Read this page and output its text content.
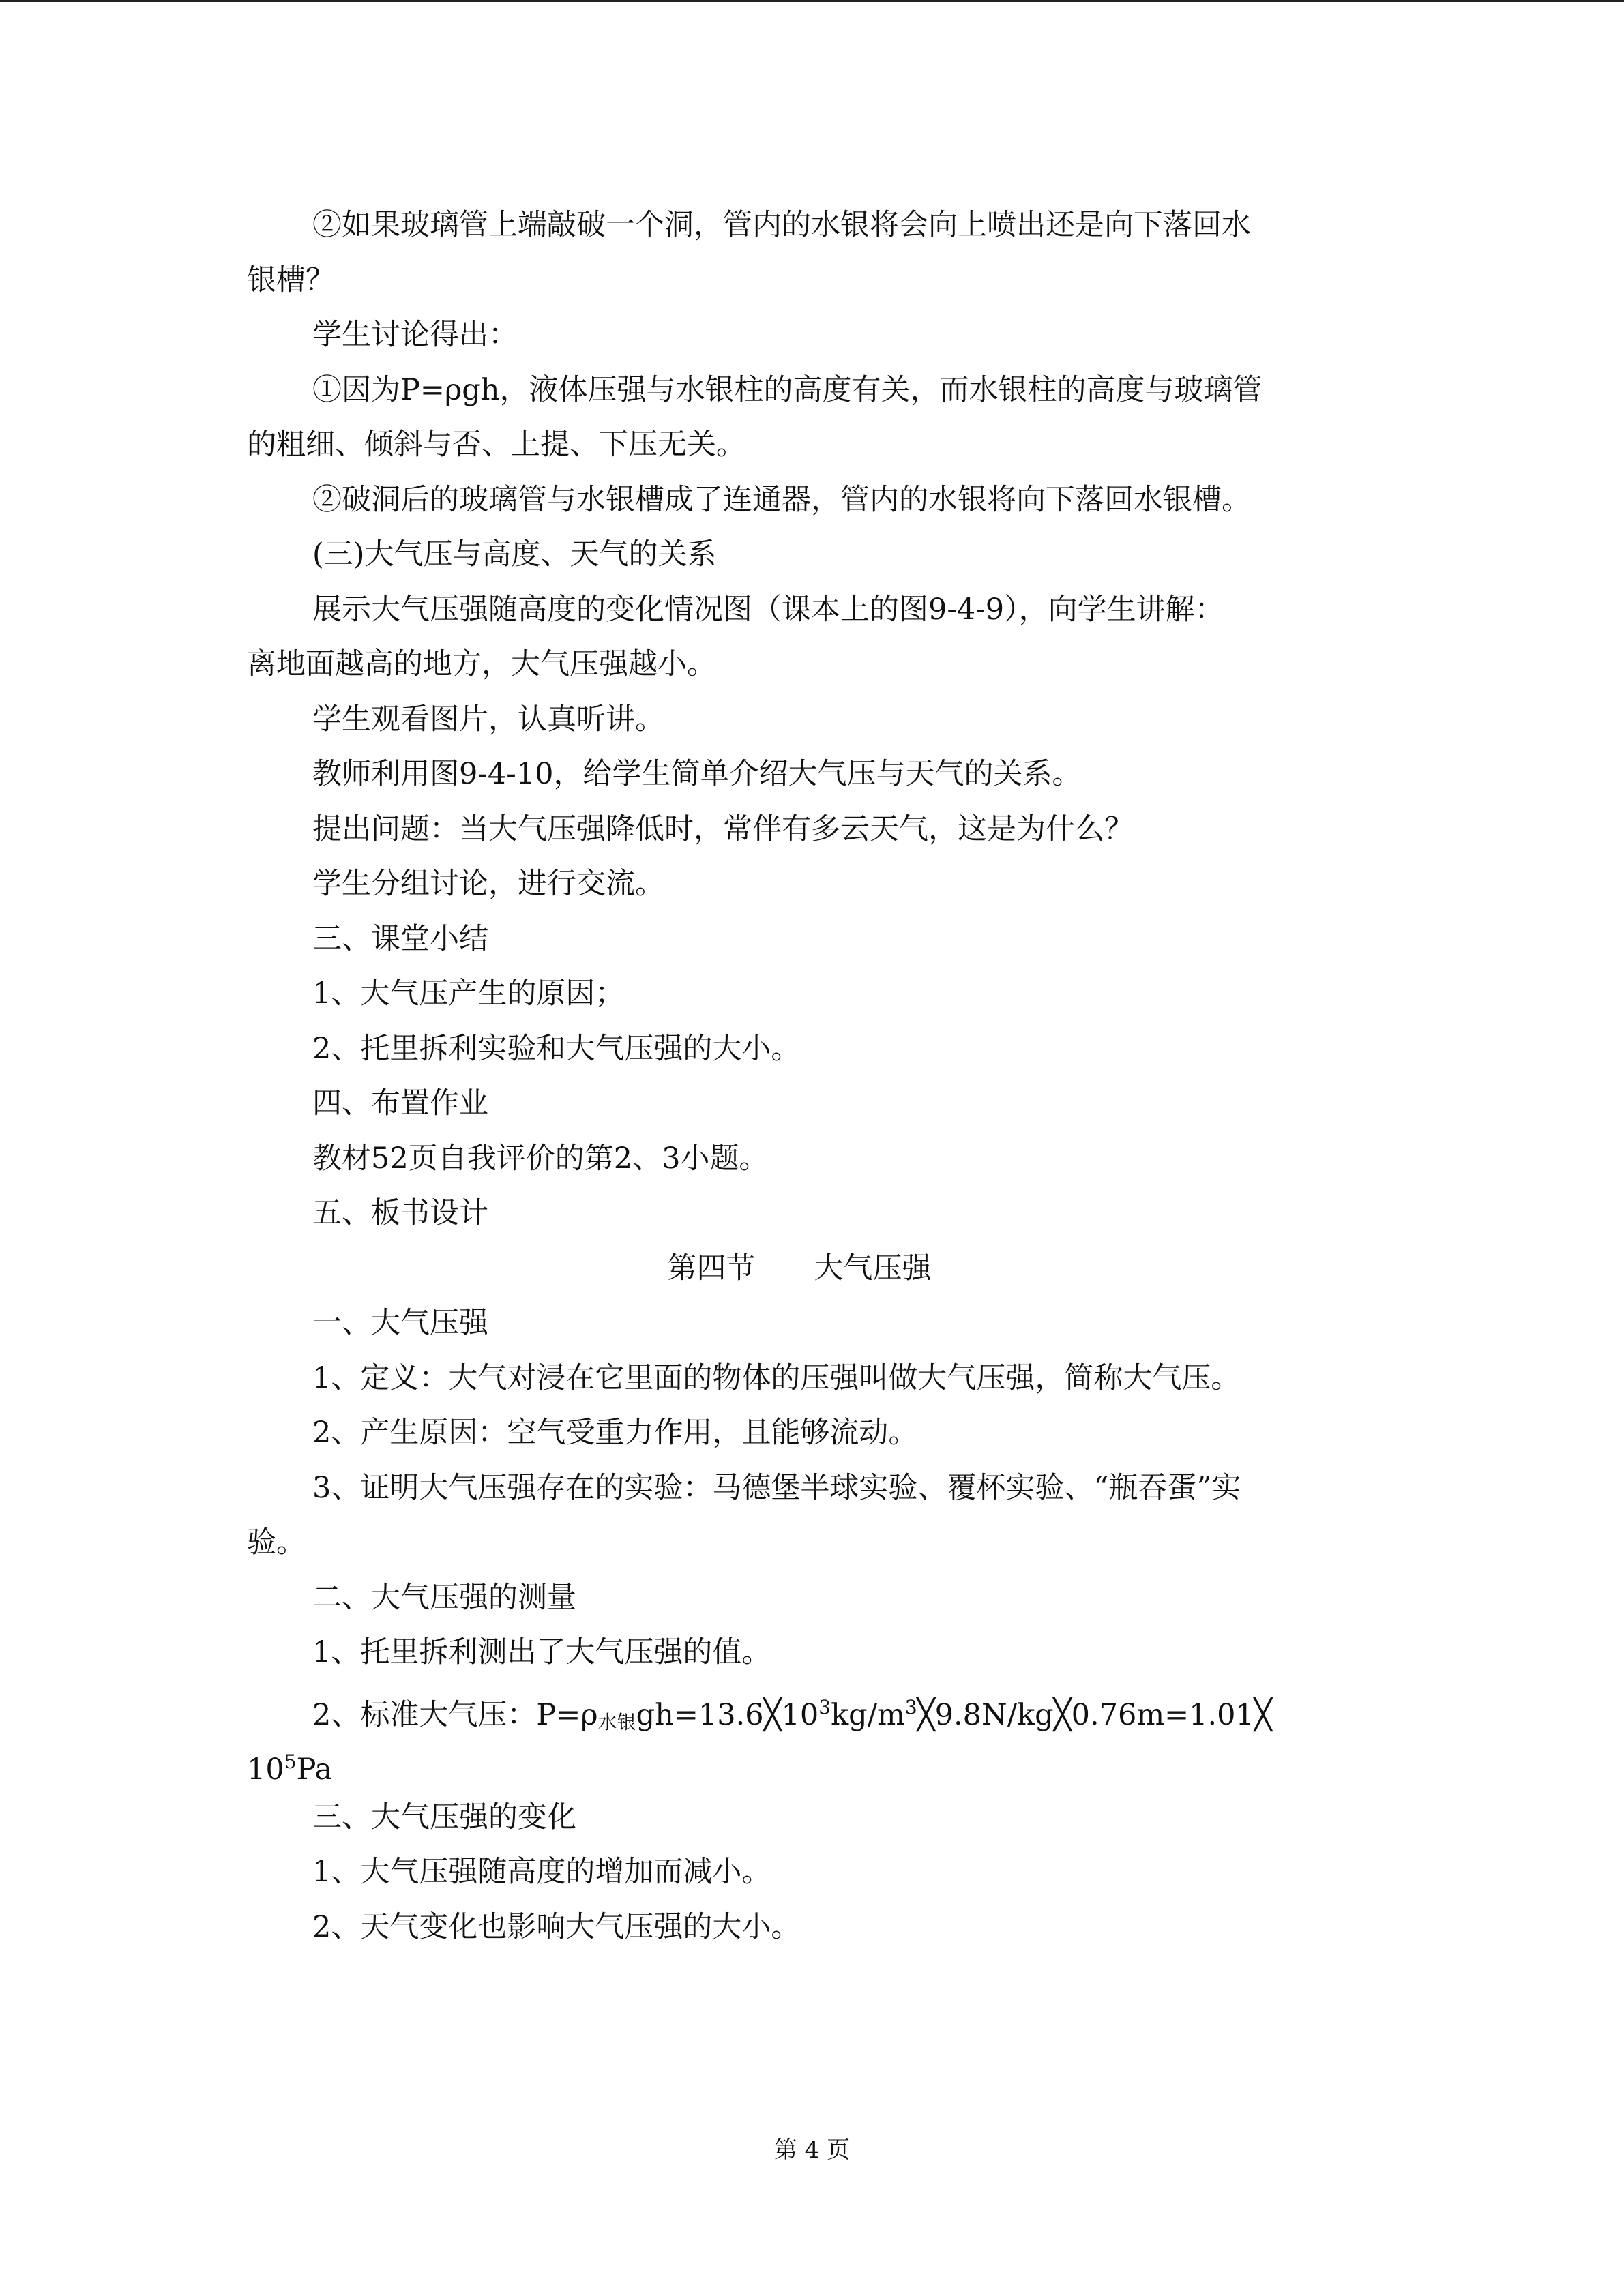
②如果玻璃管上端敲破一个洞，管内的水银将会向上喷出还是向下落回水

银槽？

学生讨论得出：

①因为P=ρgh，液体压强与水银柱的高度有关，而水银柱的高度与玻璃管

的粗细、倾斜与否、上提、下压无关。

②破洞后的玻璃管与水银槽成了连通器，管内的水银将向下落回水银槽。

(三)大气压与高度、天气的关系

展示大气压强随高度的变化情况图（课本上的图9-4-9），向学生讲解：

离地面越高的地方，大气压强越小。

学生观看图片，认真听讲。

教师利用图9-4-10，给学生简单介绍大气压与天气的关系。

提出问题：当大气压强降低时，常伴有多云天气，这是为什么？

学生分组讨论，进行交流。

三、课堂小结

1、大气压产生的原因；

2、托里拆利实验和大气压强的大小。

四、布置作业

教材52页自我评价的第2、3小题。

五、板书设计

第四节　　大气压强

一、大气压强

1、定义：大气对浸在它里面的物体的压强叫做大气压强，简称大气压。

2、产生原因：空气受重力作用，且能够流动。

3、证明大气压强存在的实验：马德堡半球实验、覆杯实验、“瓶吞蛋”实

验。

二、大气压强的测量

1、托里拆利测出了大气压强的值。

2、标准大气压：$P=\rho_{水银}gh=13.6╳10^3kg/m^3╳9.8N/kg╳0.76m=1.01╳$

$10^5Pa$

三、大气压强的变化

1、大气压强随高度的增加而减小。

2、天气变化也影响大气压强的大小。

第 4 页
